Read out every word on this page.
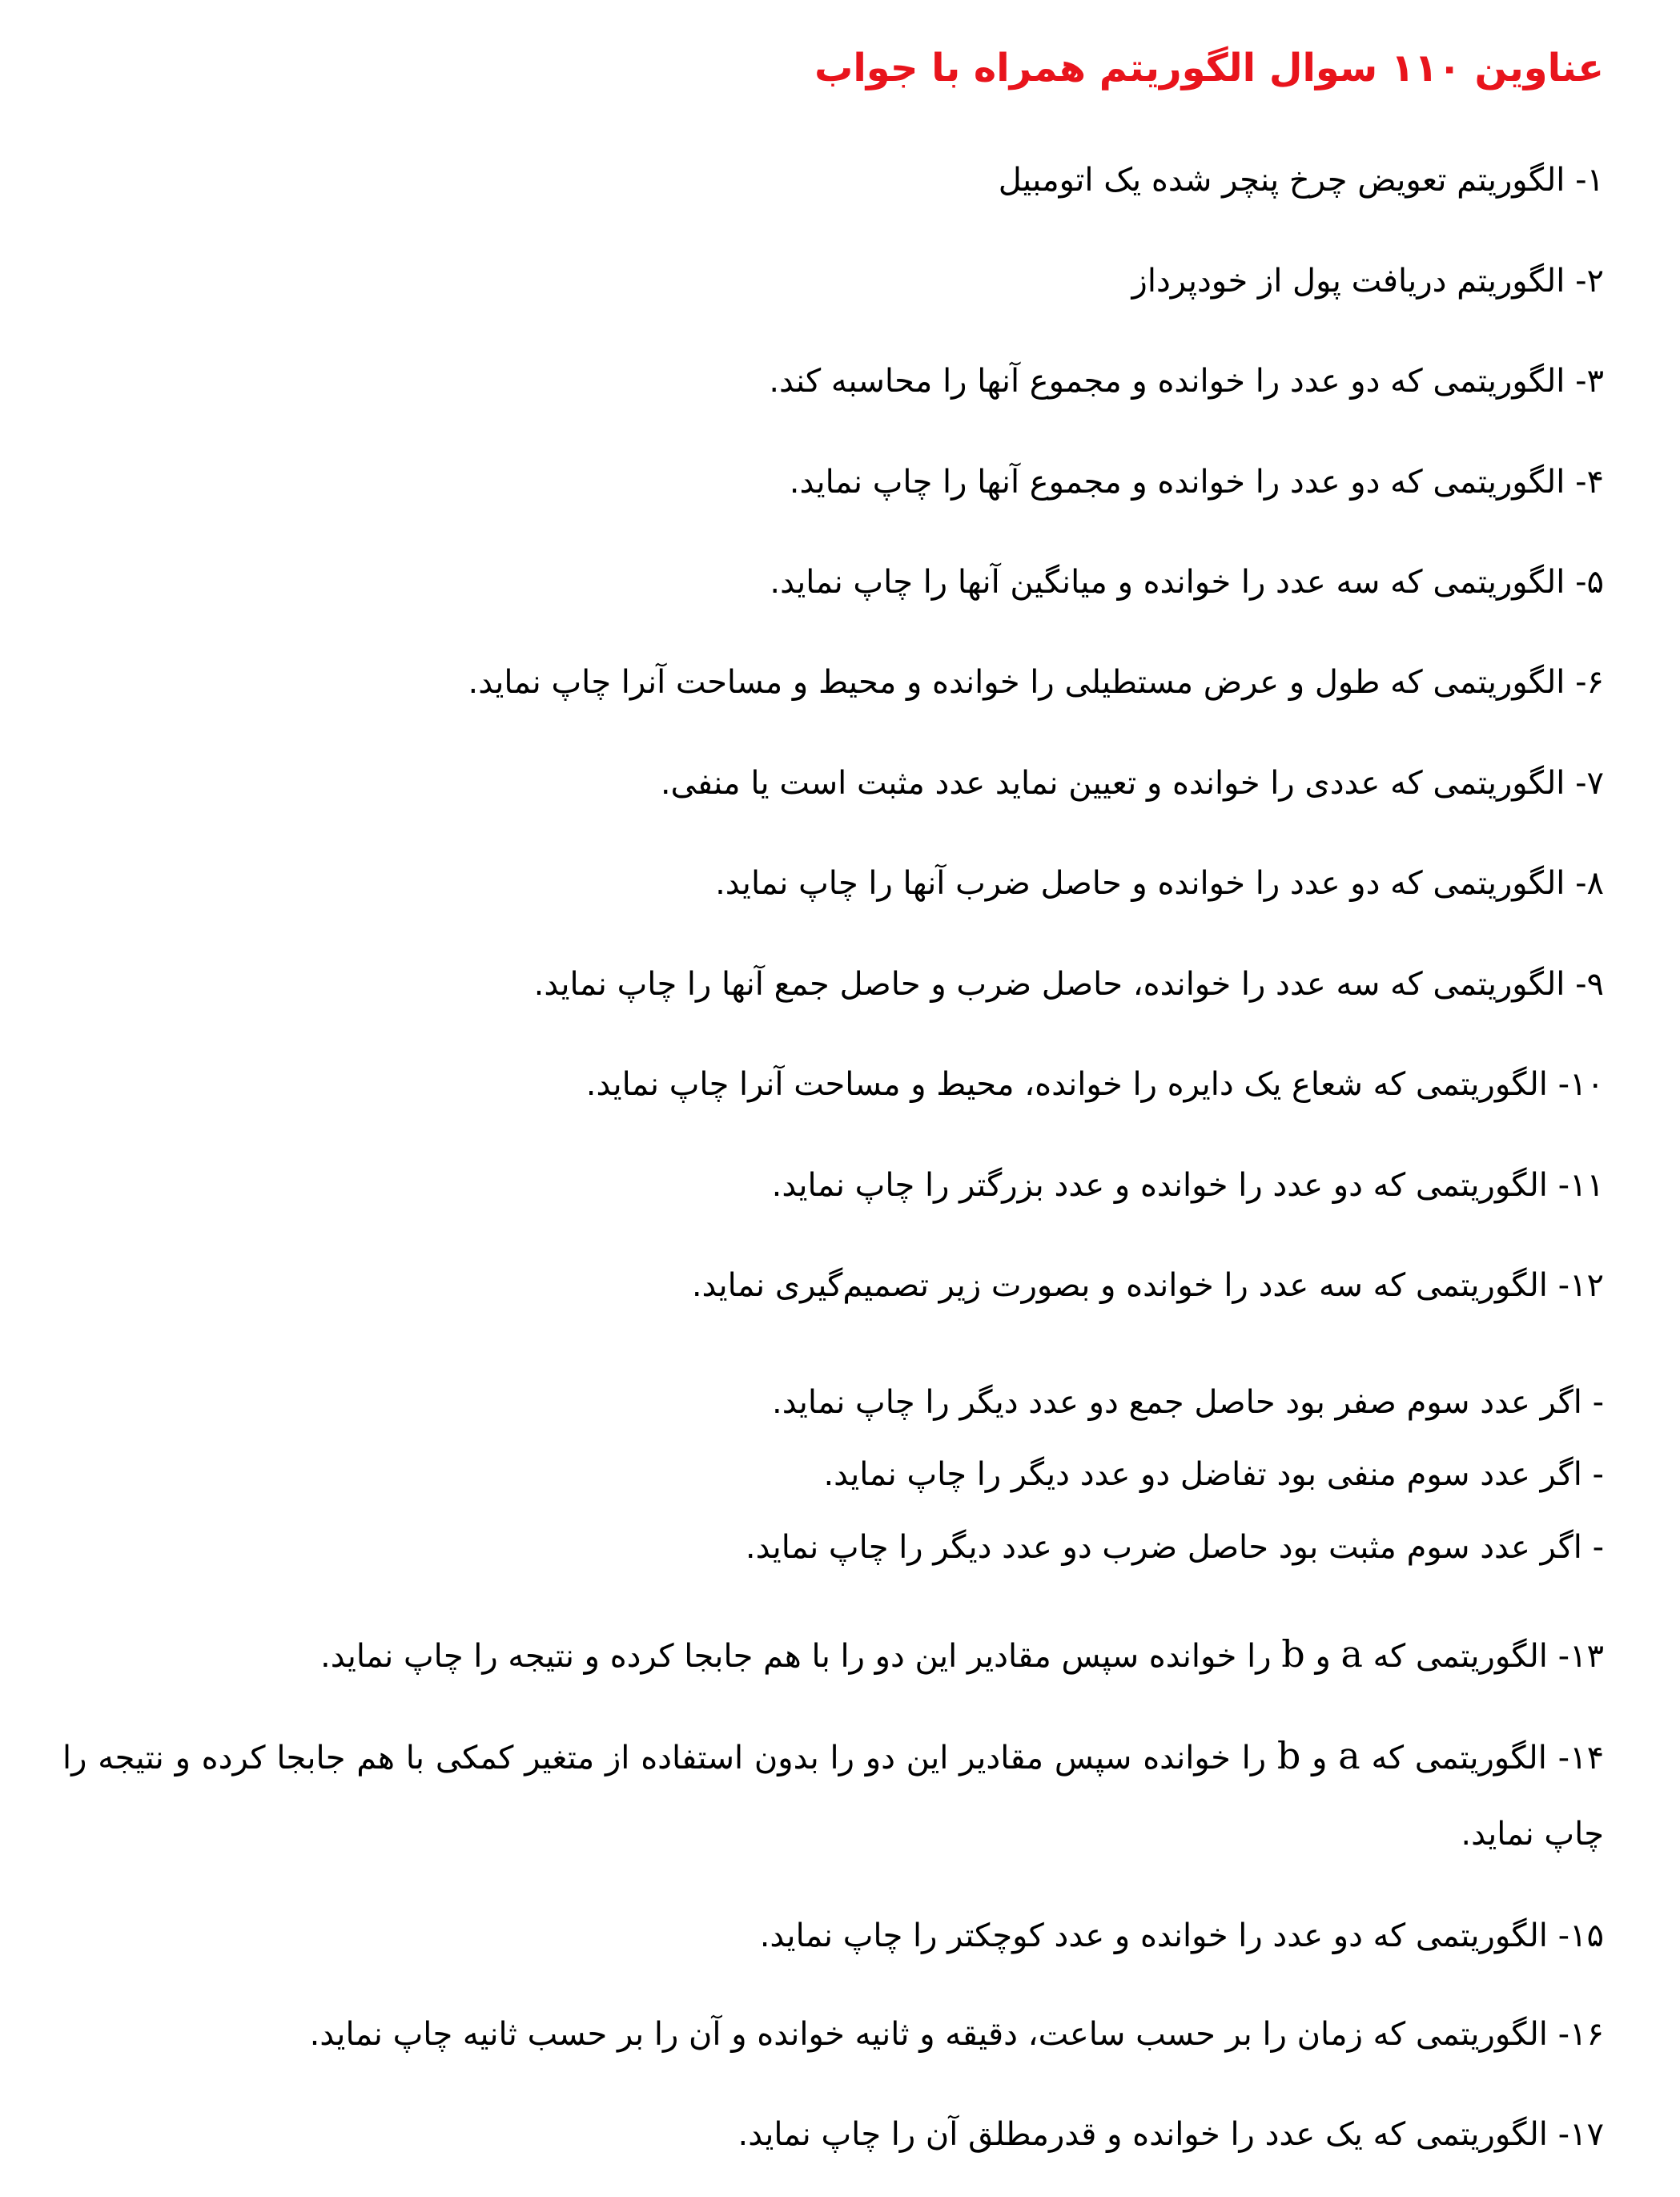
عناوین ۱۱۰ سوال الگوریتم همراه با جواب
۱- الگوریتم تعویض چرخ پنچر شده یک اتومبیل
۲- الگوریتم دریافت پول از خودپرداز
۳- الگوریتمی که دو عدد را خوانده و مجموع آنها را محاسبه کند.
۴- الگوریتمی که دو عدد را خوانده و مجموع آنها را چاپ نماید.
۵- الگوریتمی که سه عدد را خوانده و میانگین آنها را چاپ نماید.
۶- الگوریتمی که طول و عرض مستطیلی را خوانده و محیط و مساحت آنرا چاپ نماید.
۷- الگوریتمی که عددی را خوانده و تعیین نماید عدد مثبت است یا منفی.
۸- الگوریتمی که دو عدد را خوانده و حاصل ضرب آنها را چاپ نماید.
۹- الگوریتمی که سه عدد را خوانده، حاصل ضرب و حاصل جمع آنها را چاپ نماید.
۱۰- الگوریتمی که شعاع یک دایره را خوانده، محیط و مساحت آنرا چاپ نماید.
۱۱- الگوریتمی که دو عدد را خوانده و عدد بزرگتر را چاپ نماید.
۱۲- الگوریتمی که سه عدد را خوانده و بصورت زیر تصمیم‌گیری نماید.
- اگر عدد سوم صفر بود حاصل جمع دو عدد دیگر را چاپ نماید.
- اگر عدد سوم منفی بود تفاضل دو عدد دیگر را چاپ نماید.
- اگر عدد سوم مثبت بود حاصل ضرب دو عدد دیگر را چاپ نماید.
۱۳- الگوریتمی که a و b را خوانده سپس مقادیر این دو را با هم جابجا کرده و نتیجه را چاپ نماید.
۱۴- الگوریتمی که a و b را خوانده سپس مقادیر این دو را بدون استفاده از متغیر کمکی با هم جابجا کرده و نتیجه را چاپ نماید.
۱۵- الگوریتمی که دو عدد را خوانده و عدد کوچکتر را چاپ نماید.
۱۶- الگوریتمی که زمان را بر حسب ساعت، دقیقه و ثانیه خوانده و آن را بر حسب ثانیه چاپ نماید.
۱۷- الگوریتمی که یک عدد را خوانده و قدرمطلق آن را چاپ نماید.
